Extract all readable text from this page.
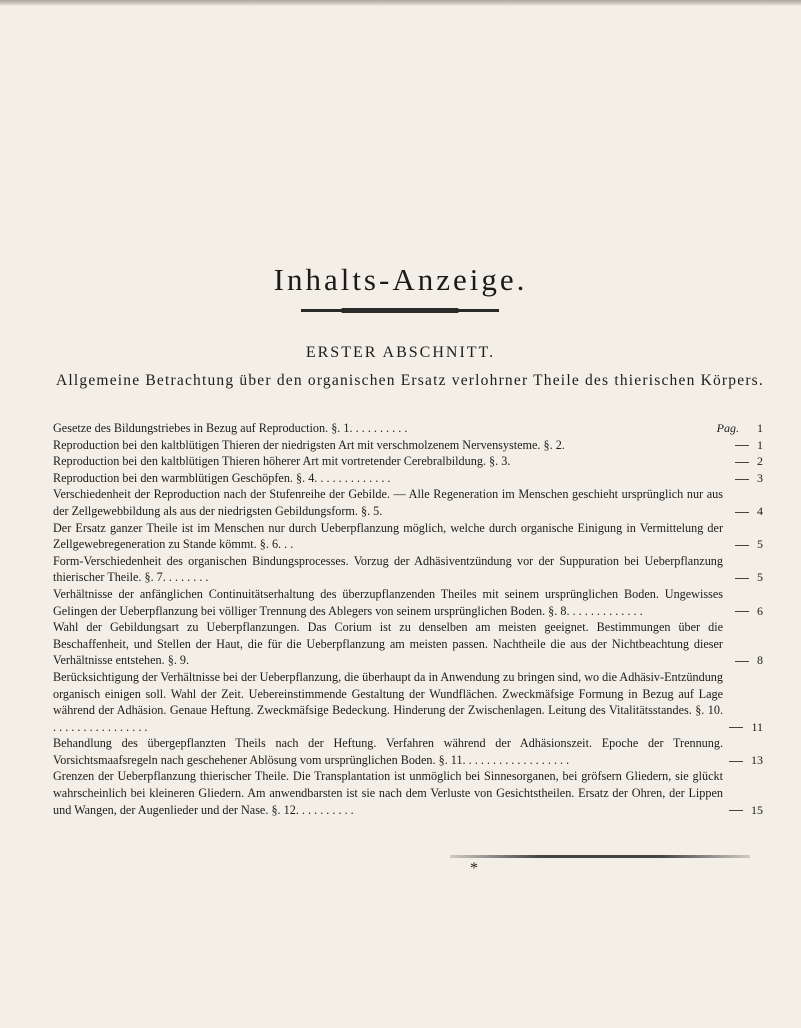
Inhalts-Anzeige.
ERSTER ABSCHNITT.

Allgemeine Betrachtung über den organischen Ersatz verlohrner Theile des thierischen Körpers.

Pag.

Gesetze des Bildungstriebes in Bezug auf Reproduction. §. 1. . . . . . . . . .	1

Reproduction bei den kaltblütigen Thieren der niedrigsten Art mit verschmolzenem Nervensysteme. §. 2.	1

Reproduction bei den kaltblütigen Thieren höherer Art mit vortretender Cerebralbildung. §. 3.	2

Reproduction bei den warmblütigen Geschöpfen. §. 4. . . . . . . . . . . . .	3

Verschiedenheit der Reproduction nach der Stufenreihe der Gebilde. — Alle Regeneration im Menschen geschieht ursprünglich nur aus der Zellgewebbildung als aus der niedrigsten Gebildungsform. §. 5.	4

Der Ersatz ganzer Theile ist im Menschen nur durch Ueberpflanzung möglich, welche durch organische Einigung in Vermittelung der Zellgewebregeneration zu Stande kömmt. §. 6. . .	5

Form-Verschiedenheit des organischen Bindungsprocesses. Vorzug der Adhäsiventzündung vor der Suppuration bei Ueberpflanzung thierischer Theile. §. 7. . . . . . . .	5

Verhältnisse der anfänglichen Continuitätserhaltung des überzupflanzenden Theiles mit seinem ursprünglichen Boden. Ungewisses Gelingen der Ueberpflanzung bei völliger Trennung des Ablegers von seinem ursprünglichen Boden. §. 8. . . . . . . . . . . . .	6

Wahl der Gebildungsart zu Ueberpflanzungen. Das Corium ist zu denselben am meisten geeignet. Bestimmungen über die Beschaffenheit, und Stellen der Haut, die für die Ueberpflanzung am meisten passen. Nachtheile die aus der Nichtbeachtung dieser Verhältnisse entstehen. §. 9.	8

Berücksichtigung der Verhältnisse bei der Ueberpflanzung, die überhaupt da in Anwendung zu bringen sind, wo die Adhäsiv-Entzündung organisch einigen soll. Wahl der Zeit. Uebereinstimmende Gestaltung der Wundflächen. Zweckmäfsige Formung in Bezug auf Lage während der Adhäsion. Genaue Heftung. Zweckmäfsige Bedeckung. Hinderung der Zwischenlagen. Leitung des Vitalitätsstandes. §. 10. . . . . . . . . . . . . . . . .	11

Behandlung des übergepflanzten Theils nach der Heftung. Verfahren während der Adhäsionszeit. Epoche der Trennung. Vorsichtsmaafsregeln nach geschehener Ablösung vom ursprünglichen Boden. §. 11. . . . . . . . . . . . . . . . . .	13

Grenzen der Ueberpflanzung thierischer Theile. Die Transplantation ist unmöglich bei Sinnesorganen, bei gröfsern Gliedern, sie glückt wahrscheinlich bei kleineren Gliedern. Am anwendbarsten ist sie nach dem Verluste von Gesichtstheilen. Ersatz der Ohren, der Lippen und Wangen, der Augenlieder und der Nase. §. 12. . . . . . . . . .	15

*
